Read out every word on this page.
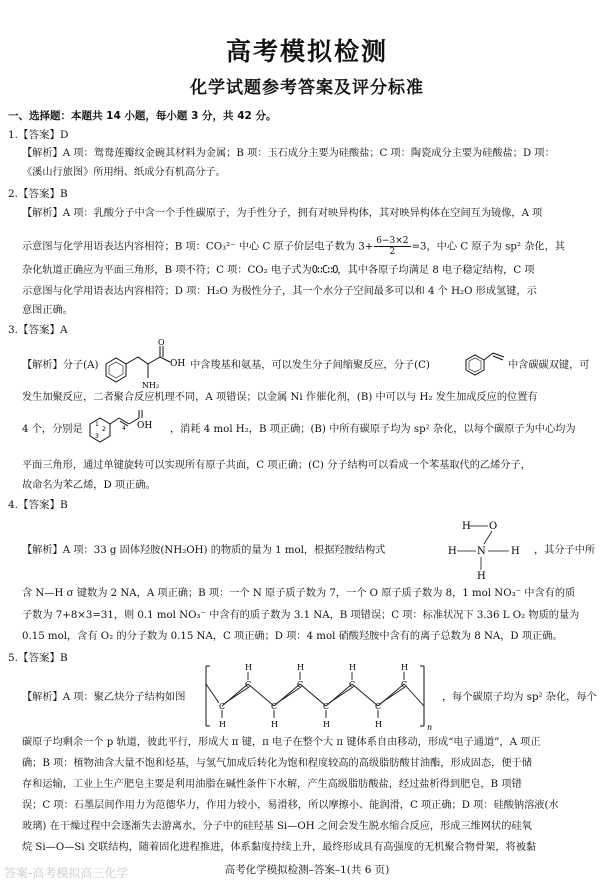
高考模拟检测
化学试题参考答案及评分标准
一、选择题：本题共 14 小题，每小题 3 分，共 42 分。
1.【答案】D
【解析】A 项：鸳鸯莲瓣纹金碗其材料为金属；B 项：玉石成分主要为硅酸盐；C 项：陶瓷成分主要为硅酸盐；D 项：
《溪山行旅图》所用绢、纸成分有机高分子。
2.【答案】B
【解析】A 项：乳酸分子中含一个手性碳原子，为手性分子，拥有对映异构体，其对映异构体在空间互为镜像，A 项
示意图与化学用语表达内容相符；B 项：CO₃²⁻ 中心 C 原子价层电子数为 $3+ \frac{6-3\times 2}{2} =3$，中心 C 原子为 sp² 杂化，其
杂化轨道正确应为平面三角形，B 项不符；C 项：CO₂ 电子式为O∷C∷O，其中各原子均满足 8 电子稳定结构，C 项
示意图与化学用语表达内容相符；D 项：H₂O 为极性分子，其一个水分子空间最多可以和 4 个 H₂O 形成氢键，示
意图正确。
3.【答案】A
【解析】分子(A)
O
OH
NH₂
中含羧基和氨基，可以发生分子间缩聚反应，分子(C)	中含碳碳双键，可
发生加聚反应，二者聚合反应机理不同，A 项错误；以金属 Ni 作催化剂，(B) 中可以与 H₂ 发生加成反应的位置有
4 个，分别是	1
2
3
4 OH ，消耗 4 mol H₂，B 项正确；(B) 中所有碳原子均为 sp² 杂化，以每个碳原子为中心均为
平面三角形，通过单键旋转可以实现所有原子共面，C 项正确；(C) 分子结构可以看成一个苯基取代的乙烯分子，
故命名为苯乙烯，D 项正确。
4.【答案】B
【解析】A 项：33 g 固体羟胺(NH₂OH) 的物质的量为 1 mol，根据羟胺结构式
H O
H N	H
H
，其分子中所
含 N—H σ 键数为 2 NA，A 项正确；B 项：一个 N 原子质子数为 7，一个 O 原子质子数为 8，1 mol NO₃⁻ 中含有的质
子数为 7+8×3=31，则 0.1 mol NO₃⁻ 中含有的质子数为 3.1 NA，B 项错误；C 项：标准状况下 3.36 L O₂ 物质的量为
0.15 mol，含有 O₂ 的分子数为 0.15 NA，C 项正确；D 项：4 mol 硝酸羟胺中含有的离子总数为 8 NA，D 项正确。
5.【答案】B
【解析】A 项：聚乙炔分子结构如图
n
C
H
C
H
C
H
C
H
C
H
C
H
C
H
C
H
，每个碳原子均为 sp² 杂化，每个
碳原子均剩余一个 p 轨道，彼此平行，形成大 π 键，π 电子在整个大 π 键体系自由移动，形成“电子通道”，A 项正
确；B 项：植物油含大量不饱和烃基，与氢气加成后转化为饱和程度较高的高级脂肪酸甘油酯，形成固态，便于储
存和运输，工业上生产肥皂主要是利用油脂在碱性条件下水解，产生高级脂肪酸盐，经过盐析得到肥皂，B 项错
误；C 项：石墨层间作用力为范德华力，作用力较小，易滑移，所以摩擦小、能润滑，C 项正确；D 项：硅酸钠溶液(水
玻璃) 在干燥过程中会逐渐失去游离水，分子中的硅羟基 Si—OH 之间会发生脱水缩合反应，形成三维网状的硅氧
烷 Si—O—Si 交联结构，随着固化进程推进，体系黏度持续上升，最终形成具有高强度的无机聚合物骨架，将被黏
高考化学模拟检测–答案–1(共 6 页)
答案-高考模拟高三化学
